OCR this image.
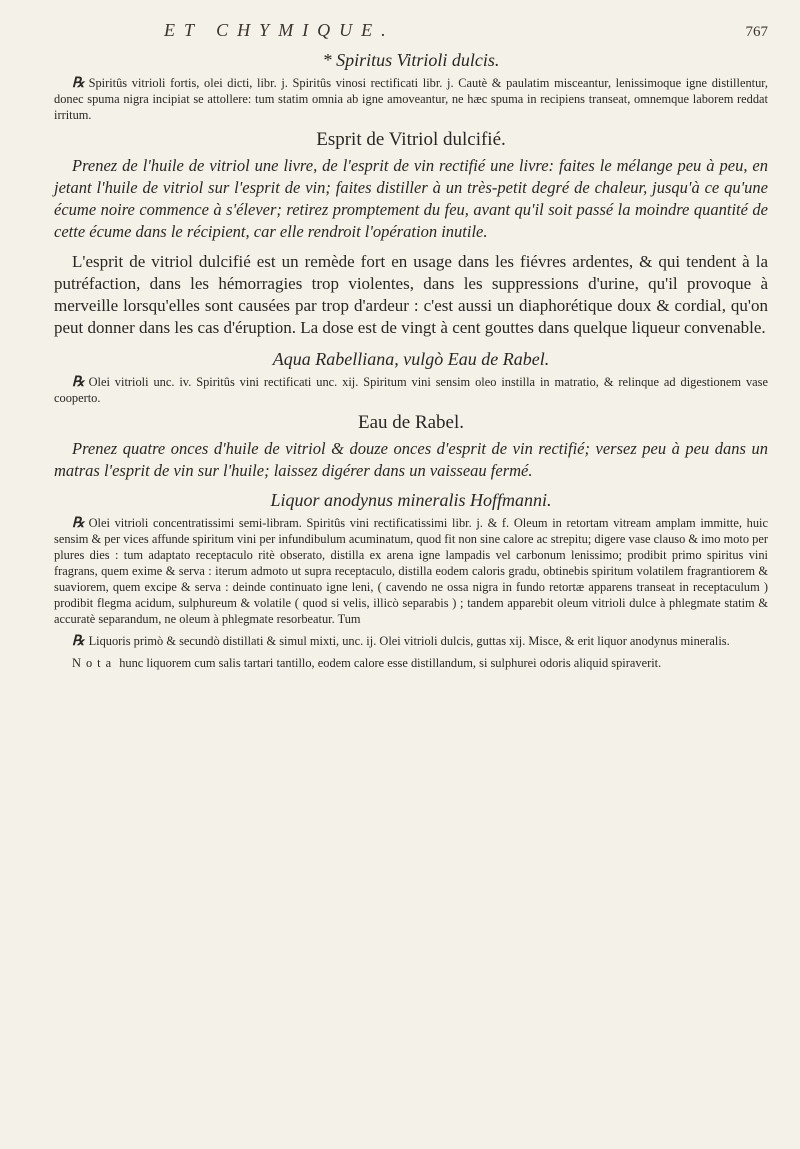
ET CHYMIQUE.	767
* Spiritus Vitrioli dulcis.

℞ Spiritûs vitrioli fortis, olei dicti, libr. j. Spiritûs vinosi rectificati libr. j. Cautè & paulatim misceantur, lenissimoque igne distillentur, donec spuma nigra incipiat se attollere: tum statim omnia ab igne amoveantur, ne hæc spuma in recipiens transeat, omnemque laborem reddat irritum.

Esprit de Vitriol dulcifié.

Prenez de l'huile de vitriol une livre, de l'esprit de vin rectifié une livre: faites le mélange peu à peu, en jetant l'huile de vitriol sur l'esprit de vin; faites distiller à un très-petit degré de chaleur, jusqu'à ce qu'une écume noire commence à s'élever; retirez promptement du feu, avant qu'il soit passé la moindre quantité de cette écume dans le récipient, car elle rendroit l'opération inutile.

L'esprit de vitriol dulcifié est un remède fort en usage dans les fiévres ardentes, & qui tendent à la putréfaction, dans les hémorragies trop violentes, dans les suppressions d'urine, qu'il provoque à merveille lorsqu'elles sont causées par trop d'ardeur : c'est aussi un diaphorétique doux & cordial, qu'on peut donner dans les cas d'éruption. La dose est de vingt à cent gouttes dans quelque liqueur convenable.

Aqua Rabelliana, vulgò Eau de Rabel.

℞ Olei vitrioli unc. iv. Spiritûs vini rectificati unc. xij. Spiritum vini sensim oleo instilla in matratio, & relinque ad digestionem vase cooperto.

Eau de Rabel.

Prenez quatre onces d'huile de vitriol & douze onces d'esprit de vin rectifié; versez peu à peu dans un matras l'esprit de vin sur l'huile; laissez digérer dans un vaisseau fermé.

Liquor anodynus mineralis Hoffmanni.

℞ Olei vitrioli concentratissimi semi-libram. Spiritûs vini rectificatissimi libr. j. & f. Oleum in retortam vitream amplam immitte, huic sensim & per vices affunde spiritum vini per infundibulum acuminatum, quod fit non sine calore ac strepitu; digere vase clauso & imo moto per plures dies : tum adaptato receptaculo ritè obserato, distilla ex arena igne lampadis vel carbonum lenissimo; prodibit primo spiritus vini fragrans, quem exime & serva : iterum admoto ut supra receptaculo, distilla eodem caloris gradu, obtinebis spiritum volatilem fragrantiorem & suaviorem, quem excipe & serva : deinde continuato igne leni, ( cavendo ne ossa nigra in fundo retortæ apparens transeat in receptaculum ) prodibit flegma acidum, sulphureum & volatile ( quod si velis, illicò separabis ) ; tandem apparebit oleum vitrioli dulce à phlegmate statim & accuratè separandum, ne oleum à phlegmate resorbeatur. Tum

℞ Liquoris primò & secundò distillati & simul mixti, unc. ij. Olei vitrioli dulcis, guttas xij. Misce, & erit liquor anodynus mineralis.

Nota hunc liquorem cum salis tartari tantillo, eodem calore esse distillandum, si sulphurei odoris aliquid spiraverit.
